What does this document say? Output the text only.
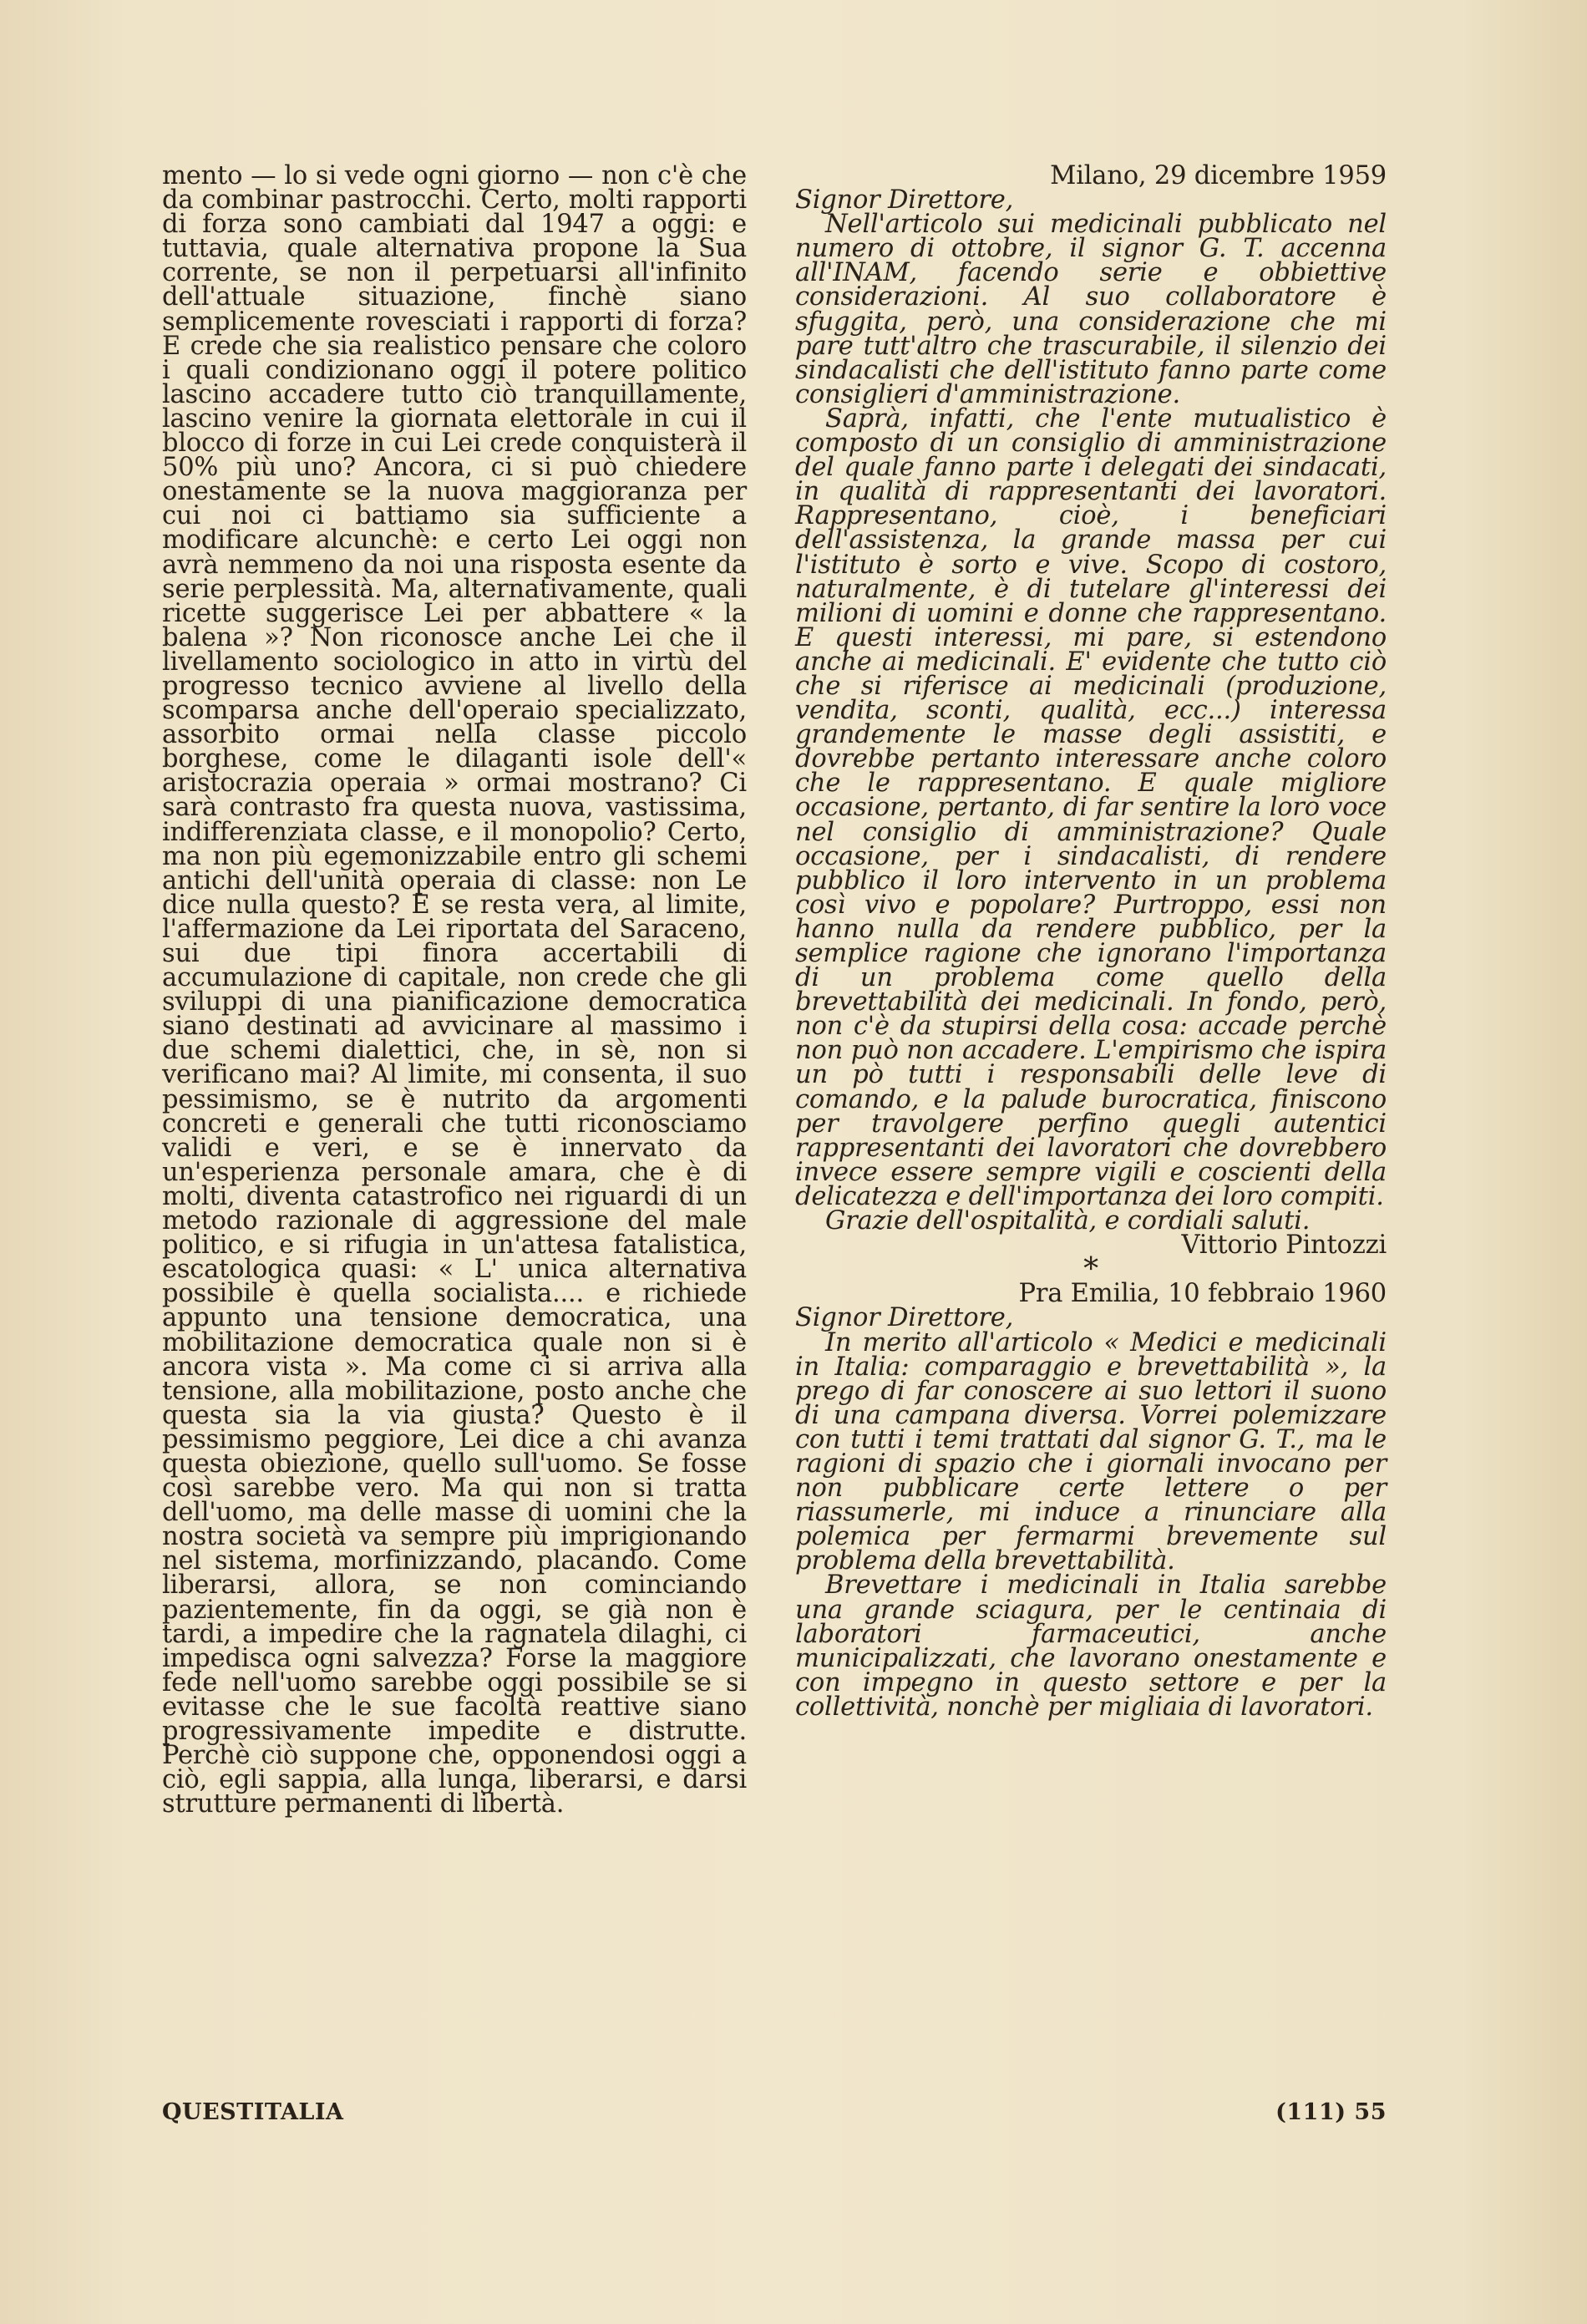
mento — lo si vede ogni giorno — non c'è che da combinar pastrocchi. Certo, molti rapporti di forza sono cambiati dal 1947 a oggi: e tuttavia, quale alternativa propone la Sua corrente, se non il perpetuarsi all'infinito dell'attuale situazione, finchè siano semplicemente rovesciati i rapporti di forza? E crede che sia realistico pensare che coloro i quali condizionano oggi il potere politico lascino accadere tutto ciò tranquillamente, lascino venire la giornata elettorale in cui il blocco di forze in cui Lei crede conquisterà il 50% più uno? Ancora, ci si può chiedere onestamente se la nuova maggioranza per cui noi ci battiamo sia sufficiente a modificare alcunchè: e certo Lei oggi non avrà nemmeno da noi una risposta esente da serie perplessità. Ma, alternativamente, quali ricette suggerisce Lei per abbattere « la balena »? Non riconosce anche Lei che il livellamento sociologico in atto in virtù del progresso tecnico avviene al livello della scomparsa anche dell'operaio specializzato, assorbito ormai nella classe piccolo borghese, come le dilaganti isole dell'« aristocrazia operaia » ormai mostrano? Ci sarà contrasto fra questa nuova, vastissima, indifferenziata classe, e il monopolio? Certo, ma non più egemonizzabile entro gli schemi antichi dell'unità operaia di classe: non Le dice nulla questo? E se resta vera, al limite, l'affermazione da Lei riportata del Saraceno, sui due tipi finora accertabili di accumulazione di capitale, non crede che gli sviluppi di una pianificazione democratica siano destinati ad avvicinare al massimo i due schemi dialettici, che, in sè, non si verificano mai? Al limite, mi consenta, il suo pessimismo, se è nutrito da argomenti concreti e generali che tutti riconosciamo validi e veri, e se è innervato da un'esperienza personale amara, che è di molti, diventa catastrofico nei riguardi di un metodo razionale di aggressione del male politico, e si rifugia in un'attesa fatalistica, escatologica quasi: « L' unica alternativa possibile è quella socialista.... e richiede appunto una tensione democratica, una mobilitazione democratica quale non si è ancora vista ». Ma come ci si arriva alla tensione, alla mobilitazione, posto anche che questa sia la via giusta? Questo è il pessimismo peggiore, Lei dice a chi avanza questa obiezione, quello sull'uomo. Se fosse così sarebbe vero. Ma qui non si tratta dell'uomo, ma delle masse di uomini che la nostra società va sempre più imprigionando nel sistema, morfinizzando, placando. Come liberarsi, allora, se non cominciando pazientemente, fin da oggi, se già non è tardi, a impedire che la ragnatela dilaghi, ci impedisca ogni salvezza? Forse la maggiore fede nell'uomo sarebbe oggi possibile se si evitasse che le sue facoltà reattive siano progressivamente impedite e distrutte. Perchè ciò suppone che, opponendosi oggi a ciò, egli sappia, alla lunga, liberarsi, e darsi strutture permanenti di libertà.

Milano, 29 dicembre 1959

Signor Direttore,

Nell'articolo sui medicinali pubblicato nel numero di ottobre, il signor G. T. accenna all'INAM, facendo serie e obbiettive considerazioni. Al suo collaboratore è sfuggita, però, una considerazione che mi pare tutt'altro che trascurabile, il silenzio dei sindacalisti che dell'istituto fanno parte come consiglieri d'amministrazione.

Saprà, infatti, che l'ente mutualistico è composto di un consiglio di amministrazione del quale fanno parte i delegati dei sindacati, in qualità di rappresentanti dei lavoratori. Rappresentano, cioè, i beneficiari dell'assistenza, la grande massa per cui l'istituto è sorto e vive. Scopo di costoro, naturalmente, è di tutelare gl'interessi dei milioni di uomini e donne che rappresentano. E questi interessi, mi pare, si estendono anche ai medicinali. E' evidente che tutto ciò che si riferisce ai medicinali (produzione, vendita, sconti, qualità, ecc...) interessa grandemente le masse degli assistiti, e dovrebbe pertanto interessare anche coloro che le rappresentano. E quale migliore occasione, pertanto, di far sentire la loro voce nel consiglio di amministrazione? Quale occasione, per i sindacalisti, di rendere pubblico il loro intervento in un problema così vivo e popolare? Purtroppo, essi non hanno nulla da rendere pubblico, per la semplice ragione che ignorano l'importanza di un problema come quello della brevettabilità dei medicinali. In fondo, però, non c'è da stupirsi della cosa: accade perchè non può non accadere. L'empirismo che ispira un pò tutti i responsabili delle leve di comando, e la palude burocratica, finiscono per travolgere perfino quegli autentici rappresentanti dei lavoratori che dovrebbero invece essere sempre vigili e coscienti della delicatezza e dell'importanza dei loro compiti.

Grazie dell'ospitalità, e cordiali saluti.

Vittorio Pintozzi

*

Pra Emilia, 10 febbraio 1960

Signor Direttore,

In merito all'articolo « Medici e medicinali in Italia: comparaggio e brevettabilità », la prego di far conoscere ai suo lettori il suono di una campana diversa. Vorrei polemizzare con tutti i temi trattati dal signor G. T., ma le ragioni di spazio che i giornali invocano per non pubblicare certe lettere o per riassumerle, mi induce a rinunciare alla polemica per fermarmi brevemente sul problema della brevettabilità.

Brevettare i medicinali in Italia sarebbe una grande sciagura, per le centinaia di laboratori farmaceutici, anche municipalizzati, che lavorano onestamente e con impegno in questo settore e per la collettività, nonchè per migliaia di lavoratori.

QUESTITALIA	(111) 55
